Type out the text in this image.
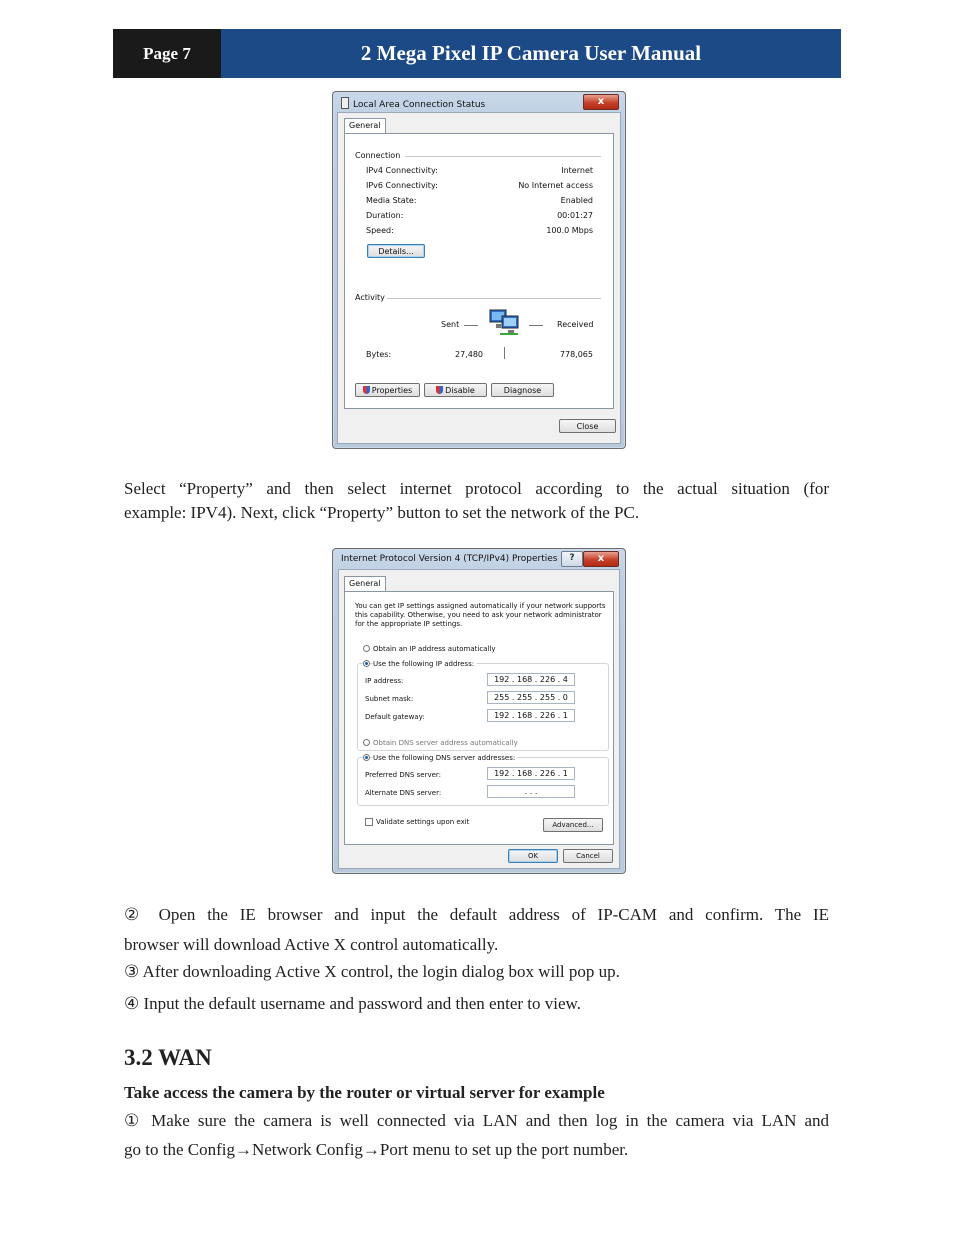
Page 7	2 Mega Pixel IP Camera User Manual
Local Area Connection Status	x
General
Connection
IPv4 Connectivity:	Internet
IPv6 Connectivity:	No Internet access
Media State:	Enabled
Duration:	00:01:27
Speed:	100.0 Mbps
Details...
Activity
Sent	Received
Bytes:	27,480	778,065
Properties	Disable	Diagnose
Close
Select “Property” and then select internet protocol according to the actual situation (for
example: IPV4). Next, click “Property” button to set the network of the PC.
Internet Protocol Version 4 (TCP/IPv4) Properties	?	x
General
You can get IP settings assigned automatically if your network supports
this capability. Otherwise, you need to ask your network administrator
for the appropriate IP settings.
Obtain an IP address automatically
Use the following IP address:
IP address:	192 . 168 . 226 . 4
Subnet mask:	255 . 255 . 255 . 0
Default gateway:	192 . 168 . 226 . 1
Obtain DNS server address automatically
Use the following DNS server addresses:
Preferred DNS server:	192 . 168 . 226 . 1
Alternate DNS server:	. . .
Validate settings upon exit	Advanced...
OK	Cancel
② Open the IE browser and input the default address of IP-CAM and confirm. The IE
browser will download Active X control automatically.
③ After downloading Active X control, the login dialog box will pop up.
④ Input the default username and password and then enter to view.
3.2 WAN
Take access the camera by the router or virtual server for example
① Make sure the camera is well connected via LAN and then log in the camera via LAN and
go to the Config→Network Config→Port menu to set up the port number.
